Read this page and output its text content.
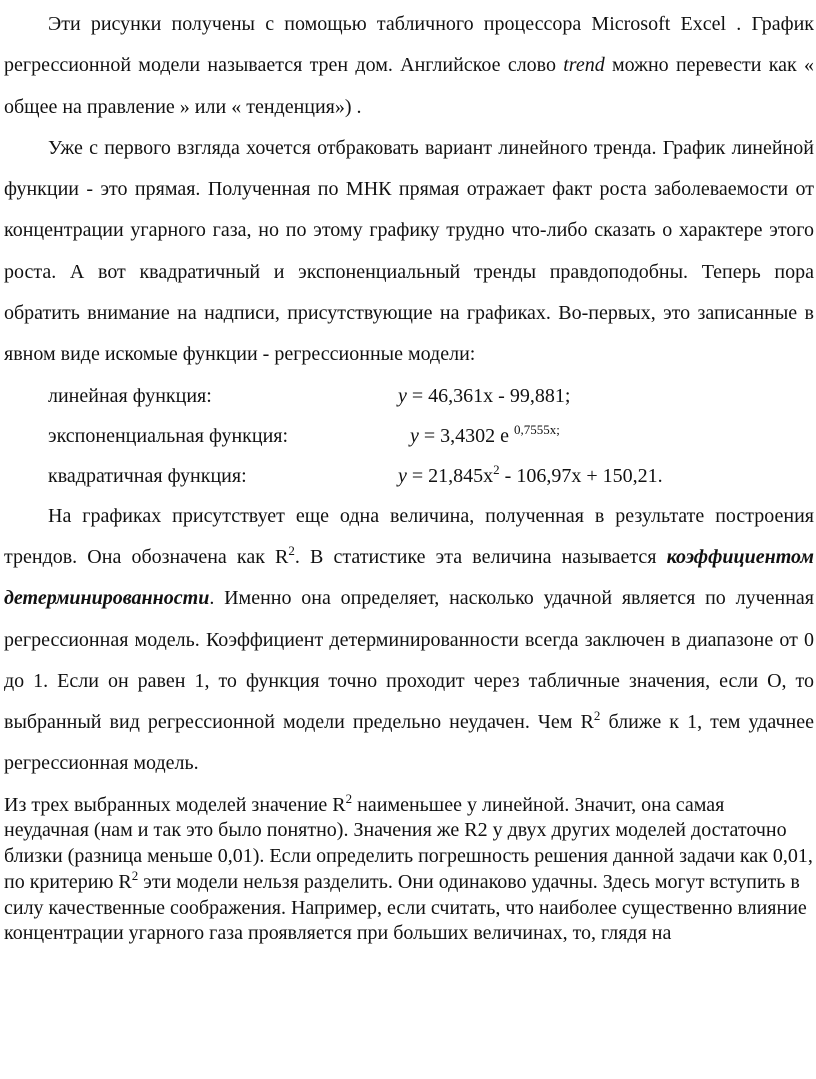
Эти рисунки получены с помощью табличного процессора Microsoft Excel . График регрессионной модели называется трен дом. Английское слово trend можно перевести как « общее на правление » или « тенденция») .

Уже с первого взгляда хочется отбраковать вариант линейного тренда. График линейной функции - это прямая. Полученная по МНК прямая отражает факт роста заболеваемости от концентрации угарного газа, но по этому графику трудно что-либо сказать о характере этого роста. А вот квадратичный и экспоненциальный тренды правдоподобны. Теперь пора обратить внимание на надписи, присутствующие на графиках. Во-первых, это записанные в явном виде искомые функции - регрессионные модели:

линейная функция:	y = 46,361x - 99,881;
экспоненциальная функция:	y = 3,4302 e $^{0,7555x;}$
квадратичная функция:	$y = 21,845x^2 - 106,97x + 150,21$.

На графиках присутствует еще одна величина, полученная в результате построения трендов. Она обозначена как $R^2$. В статистике эта величина называется коэффициентом детерминированности. Именно она определяет, насколько удачной является по лученная регрессионная модель. Коэффициент детерминированности всегда заключен в диапазоне от 0 до 1. Если он равен 1, то функция точно проходит через табличные значения, если О, то выбранный вид регрессионной модели предельно неудачен. Чем $R^2$ ближе к 1, тем удачнее регрессионная модель.

Из трех выбранных моделей значение $R^2$ наименьшее у линейной. Значит, она самая неудачная (нам и так это было понятно). Значения же R2 у двух других моделей достаточно близки (разница меньше 0,01). Если определить погрешность решения данной задачи как 0,01, по критерию $R^2$ эти модели нельзя разделить. Они одинаково удачны. Здесь могут вступить в силу качественные соображения. Например, если считать, что наиболее существенно влияние концентрации угарного газа проявляется при больших величинах, то, глядя на
